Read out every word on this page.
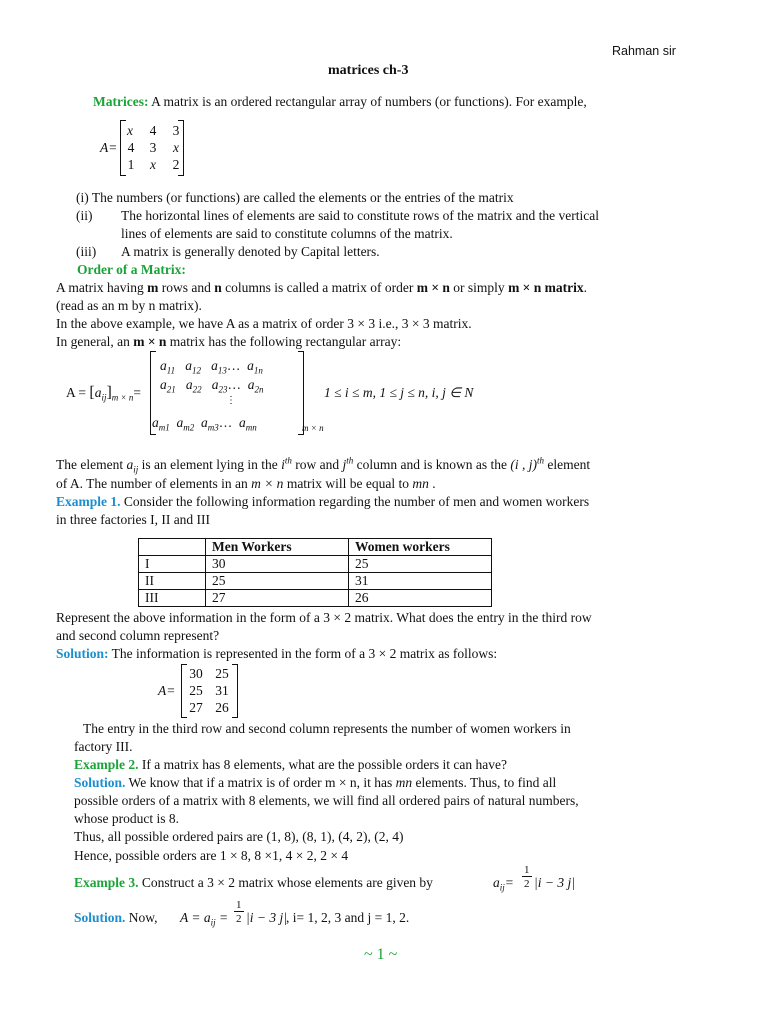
Rahman sir
matrices ch-3
Matrices: A matrix is an ordered rectangular array of numbers (or functions). For example,
A=
x	4	3
4	3	x
1	x	2
(i) The numbers (or functions) are called the elements or the entries of the matrix
(ii) The horizontal lines of elements are said to constitute rows of the matrix and the vertical
lines of elements are said to constitute columns of the matrix.
(iii) A matrix is generally denoted by Capital letters.
Order of a Matrix:
A matrix having m rows and n columns is called a matrix of order m × n or simply m × n matrix.
(read as an m by n matrix).
In the above example, we have A as a matrix of order 3 × 3 i.e., 3 × 3 matrix.
In general, an m × n matrix has the following rectangular array:
$A = [a_{ij}]_{m \times n}=$
$a_{11}$ $a_{12}$ $a_{13}\dots$ $a_{1n}$
$a_{21}$ $a_{22}$ $a_{23}\dots$ $a_{2n}$
⋮
$a_{m1}$ $a_{m2}$ $a_{m3}\dots$ $a_{mn}$	m × n
1 ≤ i ≤ m, 1 ≤ j ≤ n, i, j ∈ N
The element $a_{ij}$ is an element lying in the $i^{th}$ row and $j^{th}$ column and is known as the (i , j)$^{th}$ element
of A. The number of elements in an m × n matrix will be equal to mn .
Example 1. Consider the following information regarding the number of men and women workers
in three factories I, II and III
	Men Workers	Women workers
I	30	25
II	25	31
III	27	26
Represent the above information in the form of a 3 × 2 matrix. What does the entry in the third row
and second column represent?
Solution: The information is represented in the form of a 3 × 2 matrix as follows:
A=
30 25
25 31
27 26
The entry in the third row and second column represents the number of women workers in
factory III.
Example 2. If a matrix has 8 elements, what are the possible orders it can have?
Solution. We know that if a matrix is of order m × n, it has mn elements. Thus, to find all
possible orders of a matrix with 8 elements, we will find all ordered pairs of natural numbers,
whose product is 8.
Thus, all possible ordered pairs are (1, 8), (8, 1), (4, 2), (2, 4)
Hence, possible orders are 1 × 8, 8 ×1, 4 × 2, 2 × 4
Example 3. Construct a 3 × 2 matrix whose elements are given by	$a_{ij}=$
1
2 |i − 3 j|
Solution. Now, $A = a_{ij}$ =
1
2 |i − 3 j| , i= 1, 2, 3 and j = 1, 2.
~ 1 ~
